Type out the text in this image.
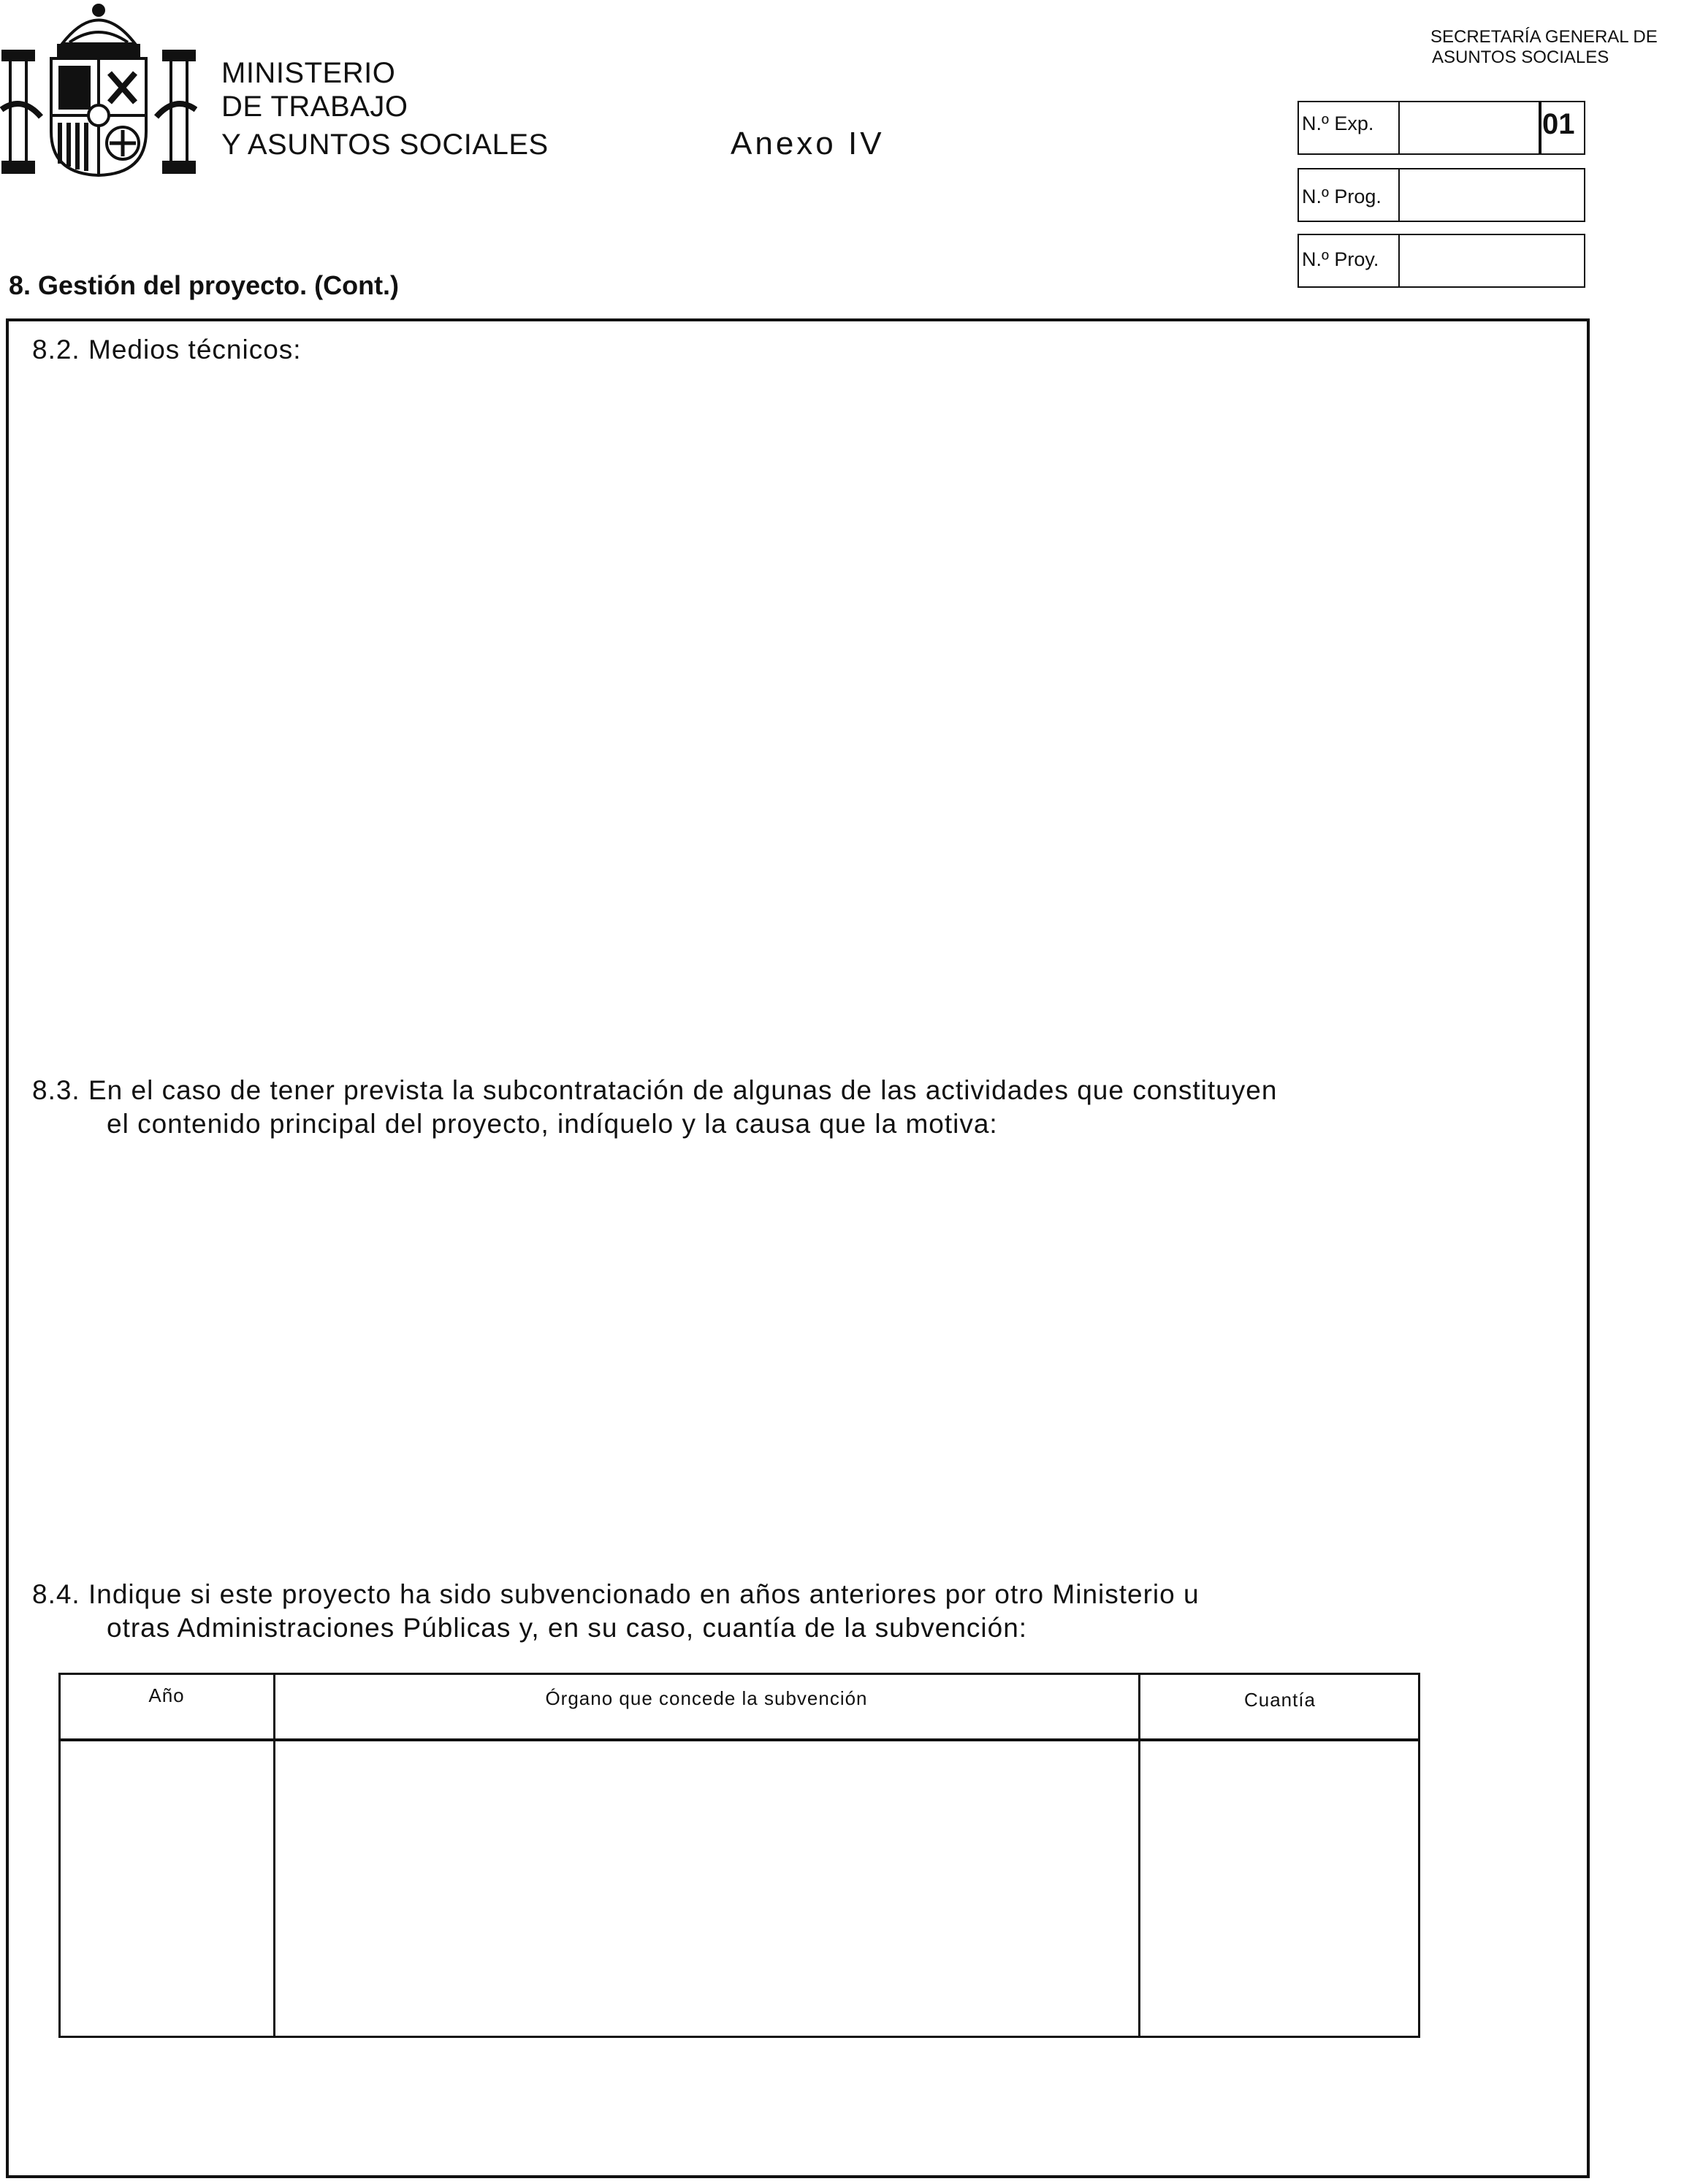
MINISTERIO
DE TRABAJO
Y ASUNTOS SOCIALES	Anexo IV
SECRETARÍA GENERAL DE
ASUNTOS SOCIALES
N.º Exp.	01
N.º Prog.
N.º Proy.
8. Gestión del proyecto. (Cont.)
8.2. Medios técnicos:
8.3. En el caso de tener prevista la subcontratación de algunas de las actividades que constituyen
el contenido principal del proyecto, indíquelo y la causa que la motiva:
8.4. Indique si este proyecto ha sido subvencionado en años anteriores por otro Ministerio u
otras Administraciones Públicas y, en su caso, cuantía de la subvención:
Año	Órgano que concede la subvención	Cuantía
